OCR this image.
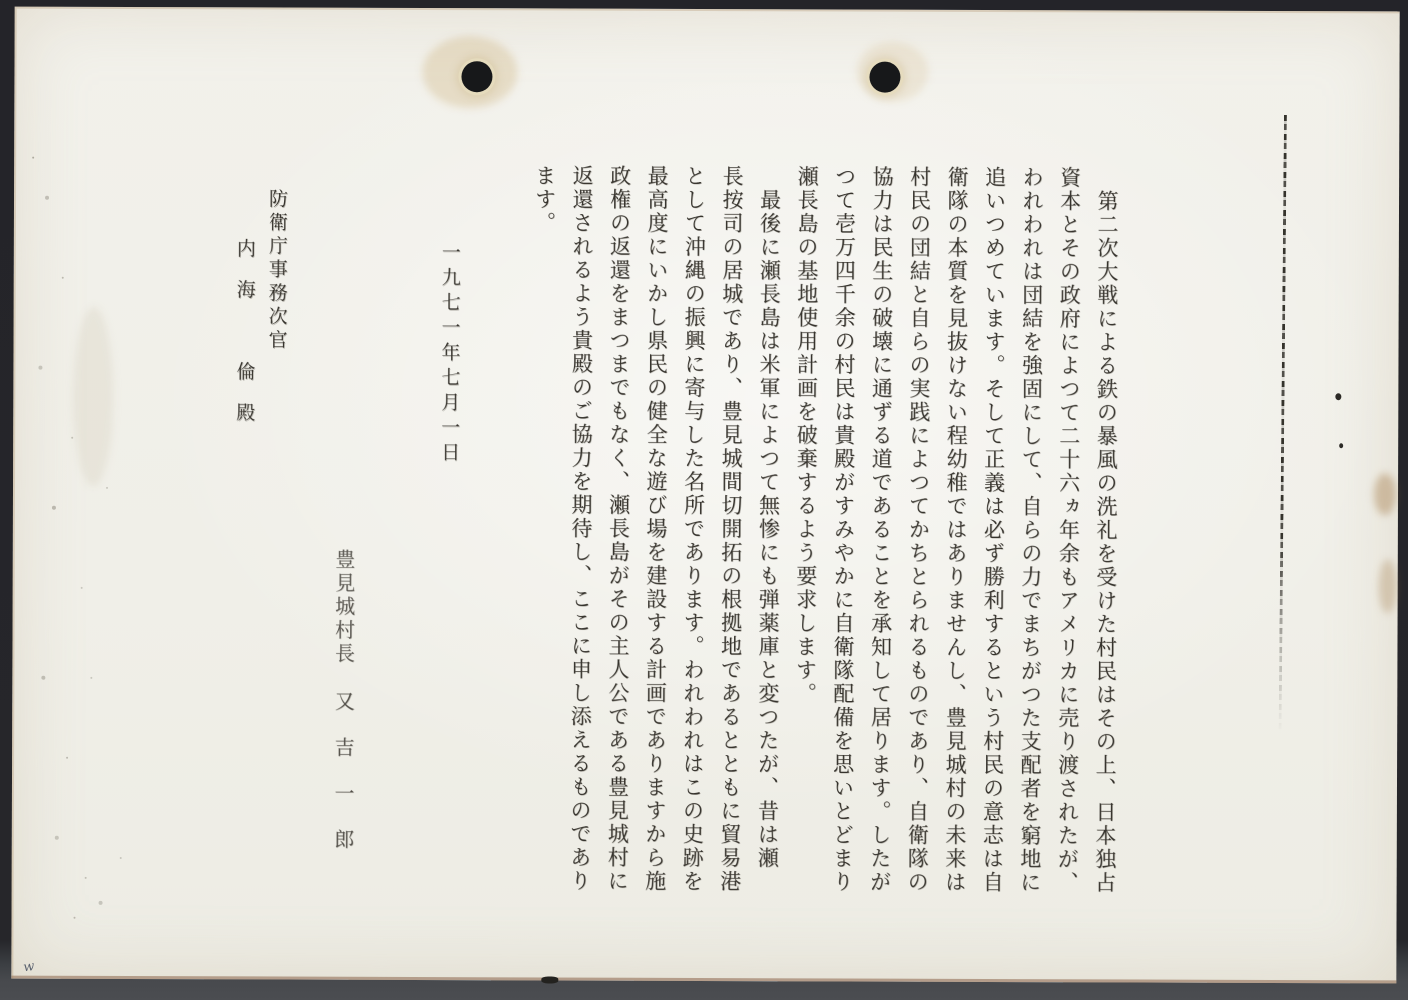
　第二次大戦による鉄の暴風の洗礼を受けた村民はその上、日本独占
資本とその政府によつて二十六ヵ年余もアメリカに売り渡されたが、
われわれは団結を強固にして、自らの力でまちがつた支配者を窮地に
追いつめています。そして正義は必ず勝利するという村民の意志は自
衛隊の本質を見抜けない程幼稚ではありませんし、豊見城村の未来は
村民の団結と自らの実践によつてかちとられるものであり、自衛隊の
協力は民生の破壊に通ずる道であることを承知して居ります。したが
つて壱万四千余の村民は貴殿がすみやかに自衛隊配備を思いとどまり
瀬長島の基地使用計画を破棄するよう要求します。
　最後に瀬長島は米軍によつて無惨にも弾薬庫と変つたが、昔は瀬
長按司の居城であり、豊見城間切開拓の根拠地であるとともに貿易港
として沖縄の振興に寄与した名所であります。われわれはこの史跡を
最高度にいかし県民の健全な遊び場を建設する計画でありますから施
政権の返還をまつまでもなく、瀬長島がその主人公である豊見城村に
返還されるよう貴殿のご協力を期待し、ここに申し添えるものであり
ます。
一九七一年七月一日
豊見城村長
又吉一郎
防衛庁事務次官
内海　倫殿
w
